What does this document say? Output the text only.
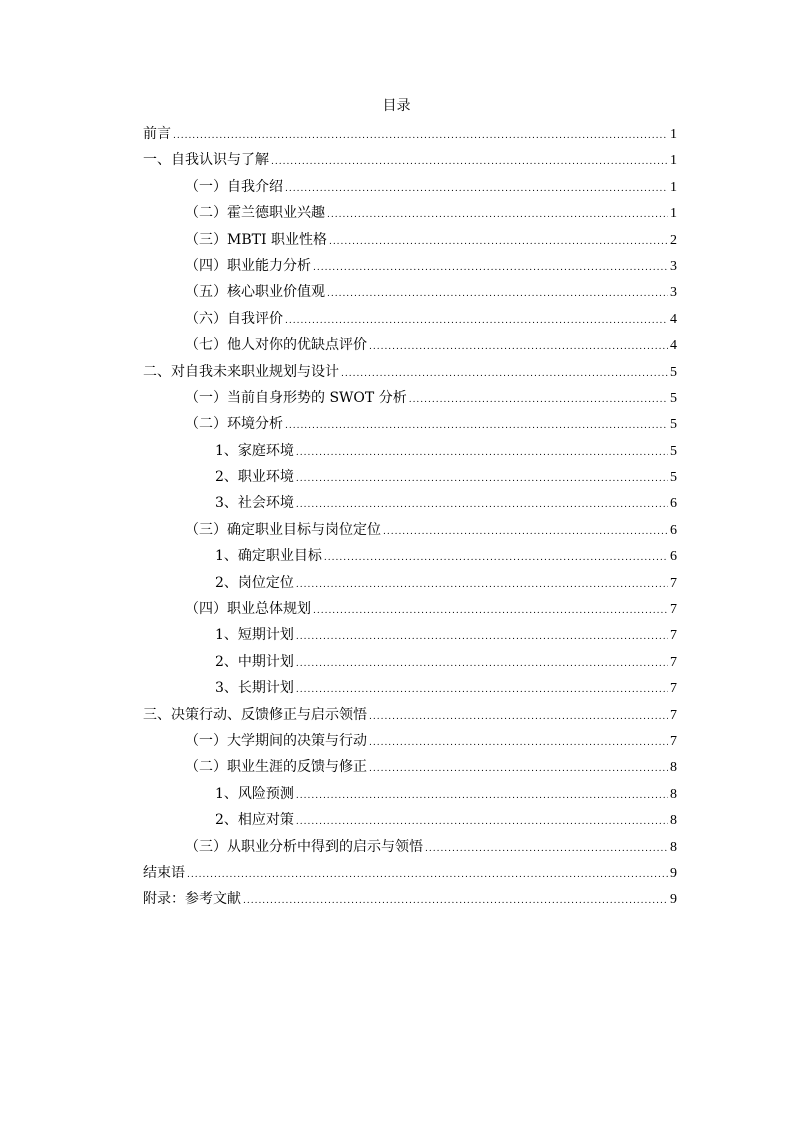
目录
前言 .....	1
一、自我认识与了解 .....	1
（一）自我介绍 .....	1
（二）霍兰德职业兴趣 .....	1
（三）MBTI 职业性格 .....	2
（四）职业能力分析 .....	3
（五）核心职业价值观 .....	3
（六）自我评价 .....	4
（七）他人对你的优缺点评价 .....	4
二、对自我未来职业规划与设计 .....	5
（一）当前自身形势的 SWOT 分析 .....	5
（二）环境分析 .....	5
1、家庭环境 .....	5
2、职业环境 .....	5
3、社会环境 .....	6
（三）确定职业目标与岗位定位 .....	6
1、确定职业目标 .....	6
2、岗位定位 .....	7
（四）职业总体规划 .....	7
1、短期计划 .....	7
2、中期计划 .....	7
3、长期计划 .....	7
三、决策行动、反馈修正与启示领悟 .....	7
（一）大学期间的决策与行动 .....	7
（二）职业生涯的反馈与修正 .....	8
1、风险预测 .....	8
2、相应对策 .....	8
（三）从职业分析中得到的启示与领悟 .....	8
结束语 .....	9
附录：参考文献 .....	9
